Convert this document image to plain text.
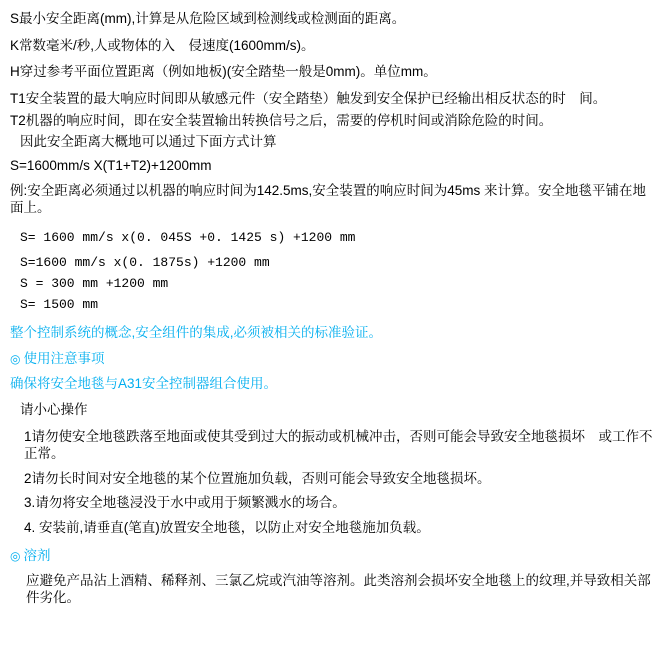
S最小安全距离(mm),计算是从危险区域到检测线或检测面的距离。

K常数毫米/秒,人或物体的入　侵速度(1600mm/s)。

H穿过参考平面位置距离（例如地板)(安全踏垫一般是0mm)。单位mm。

T1安全装置的最大响应时间即从敏感元件（安全踏垫）触发到安全保护已经输出相反状态的时　间。

T2机器的响应时间，即在安全装置输出转换信号之后，需要的停机时间或消除危险的时间。

因此安全距离大概地可以通过下面方式计算

S=1600mm/s X(T1+T2)+1200mm

例:安全距离必须通过以机器的响应时间为142.5ms,安全装置的响应时间为45ms 来计算。安全地毯平铺在地面上。

S= 1600 mm/s x(0. 045S +0. 1425 s) +1200 mm

S=1600 mm/s x(0. 1875s) +1200 mm

S = 300 mm +1200 mm

S= 1500 mm

整个控制系统的概念,安全组件的集成,必须被相关的标准验证。

◎ 使用注意事项

确保将安全地毯与A31安全控制器组合使用。

请小心操作

1请勿使安全地毯跌落至地面或使其受到过大的振动或机械冲击，否则可能会导致安全地毯损坏　或工作不正常。

2请勿长时间对安全地毯的某个位置施加负载，否则可能会导致安全地毯损坏。

3.请勿将安全地毯浸没于水中或用于频繁溅水的场合。

4. 安装前,请垂直(笔直)放置安全地毯，以防止对安全地毯施加负载。

◎ 溶剂

应避免产品沾上酒精、稀释剂、三氯乙烷或汽油等溶剂。此类溶剂会损坏安全地毯上的纹理,并导致相关部件劣化。
